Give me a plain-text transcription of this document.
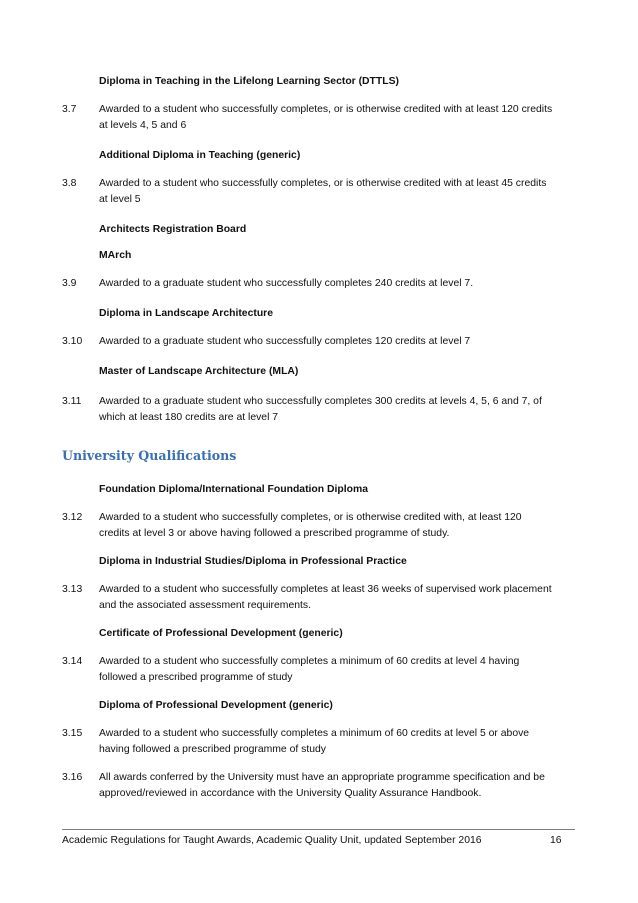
Diploma in Teaching in the Lifelong Learning Sector (DTTLS)
3.7	Awarded to a student who successfully completes, or is otherwise credited with at least 120 credits
at levels 4, 5 and 6
Additional Diploma in Teaching (generic)
3.8	Awarded to a student who successfully completes, or is otherwise credited with at least 45 credits
at level 5
Architects Registration Board
MArch
3.9	Awarded to a graduate student who successfully completes 240 credits at level 7.
Diploma in Landscape Architecture
3.10	Awarded to a graduate student who successfully completes 120 credits at level 7
Master of Landscape Architecture (MLA)
3.11	Awarded to a graduate student who successfully completes 300 credits at levels 4, 5, 6 and 7, of
which at least 180 credits are at level 7
University Qualifications
Foundation Diploma/International Foundation Diploma
3.12	Awarded to a student who successfully completes, or is otherwise credited with, at least 120
credits at level 3 or above having followed a prescribed programme of study.
Diploma in Industrial Studies/Diploma in Professional Practice
3.13	Awarded to a student who successfully completes at least 36 weeks of supervised work placement
and the associated assessment requirements.
Certificate of Professional Development (generic)
3.14	Awarded to a student who successfully completes a minimum of 60 credits at level 4 having
followed a prescribed programme of study
Diploma of Professional Development (generic)
3.15	Awarded to a student who successfully completes a minimum of 60 credits at level 5 or above
having followed a prescribed programme of study
3.16	All awards conferred by the University must have an appropriate programme specification and be
approved/reviewed in accordance with the University Quality Assurance Handbook.
Academic Regulations for Taught Awards, Academic Quality Unit, updated September 2016	16
